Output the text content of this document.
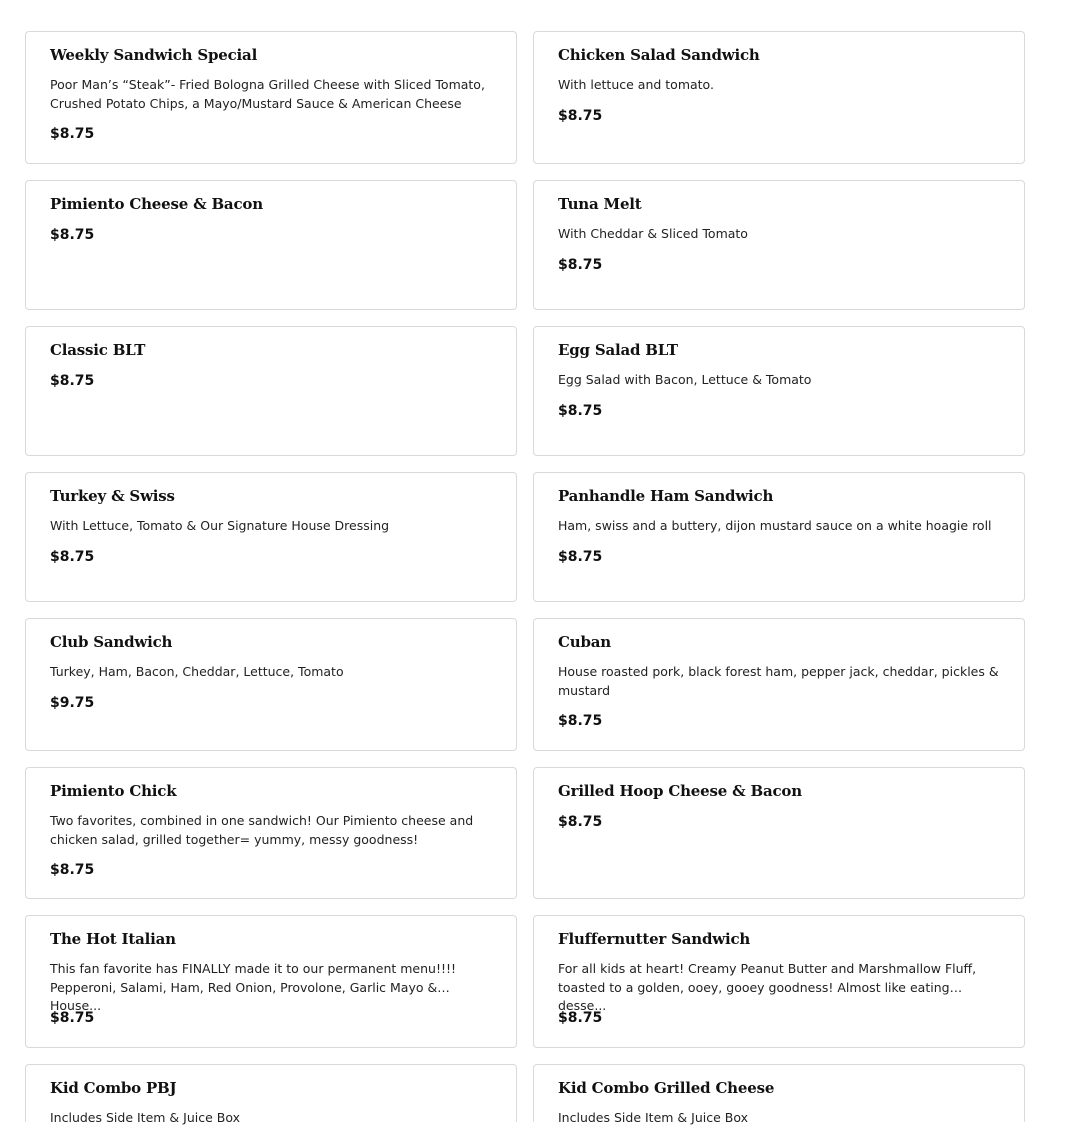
Weekly Sandwich Special
Poor Man’s “Steak”- Fried Bologna Grilled Cheese with Sliced Tomato, Crushed Potato Chips, a Mayo/Mustard Sauce & American Cheese
$8.75
Chicken Salad Sandwich
With lettuce and tomato.
$8.75
Pimiento Cheese & Bacon
$8.75
Tuna Melt
With Cheddar & Sliced Tomato
$8.75
Classic BLT
$8.75
Egg Salad BLT
Egg Salad with Bacon, Lettuce & Tomato
$8.75
Turkey & Swiss
With Lettuce, Tomato & Our Signature House Dressing
$8.75
Panhandle Ham Sandwich
Ham, swiss and a buttery, dijon mustard sauce on a white hoagie roll
$8.75
Club Sandwich
Turkey, Ham, Bacon, Cheddar, Lettuce, Tomato
$9.75
Cuban
House roasted pork, black forest ham, pepper jack, cheddar, pickles & mustard
$8.75
Pimiento Chick
Two favorites, combined in one sandwich! Our Pimiento cheese and chicken salad, grilled together= yummy, messy goodness!
$8.75
Grilled Hoop Cheese & Bacon
$8.75
The Hot Italian
This fan favorite has FINALLY made it to our permanent menu!!!! Pepperoni, Salami, Ham, Red Onion, Provolone, Garlic Mayo & House...
$8.75
Fluffernutter Sandwich
For all kids at heart! Creamy Peanut Butter and Marshmallow Fluff, toasted to a golden, ooey, gooey goodness! Almost like eating desse...
$8.75
Kid Combo PBJ
Includes Side Item & Juice Box
Kid Combo Grilled Cheese
Includes Side Item & Juice Box
